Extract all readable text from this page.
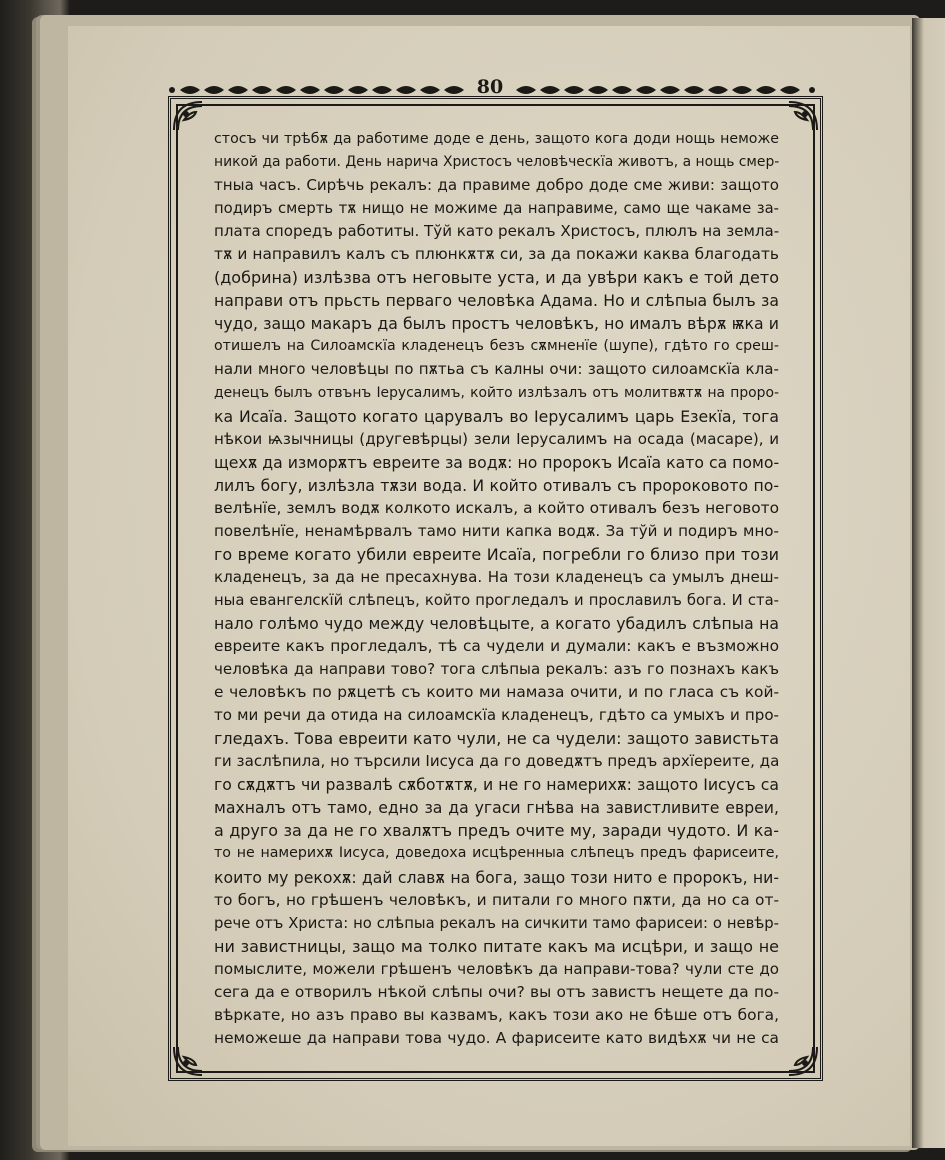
80
стосъ чи трѣбѫ да работиме доде е день, защото кога доди нощь неможе
никой да работи. День нарича Христосъ человѣческїа животъ, а нощь смер-
тныа часъ. Сирѣчь рекалъ: да правиме добро доде сме живи: защото
подиръ смерть тѫ нищо не можиме да направиме, само ще чакаме за-
плата споредъ работиты. Тўй като рекалъ Христосъ, плюлъ на земла-
тѫ и направилъ калъ съ плюнкѫтѫ си, за да покажи каква благодать
(добрина) излѣзва отъ неговыте уста, и да увѣри какъ е той дето
направи отъ прьсть первагo человѣка Адама. Но и слѣпыа былъ за
чудо, защо макаръ да былъ простъ человѣкъ, но ималъ вѣрѫ ѭка и
отишелъ на Силоамскїа кладенецъ безъ сѫмненїе (шупе), гдѣто го среш-
нали много человѣцы по пѫтьа съ калны очи: защото силоамскїа кла-
денецъ былъ отвънъ Iерусалимъ, който излѣзалъ отъ молитвѫтѫ на проро-
ка Исаїа. Защото когато царувалъ во Iерусалимъ царь Езекїа, тога
нѣкои ѩзычницы (другевѣрцы) зели Iерусалимъ на осада (масаре), и
щехѫ да изморѫтъ евреите за водѫ: но пророкъ Исаїа като са помо-
лилъ богу, излѣзла тѫзи вода. И който отивалъ съ пророковото по-
велѣнїе, землъ водѫ колкото искалъ, а който отивалъ безъ неговото
повелѣнїе, ненамѣрвалъ тамо нити капка водѫ. За тўй и подиръ мно-
го време когато убили евреите Исаїа, погребли го близо при този
кладенецъ, за да не пресахнува. На този кладенецъ са умылъ днеш-
ныа евангелскїй слѣпецъ, който прогледалъ и прославилъ бога. И ста-
нало голѣмо чудо между человѣцыте, а когато убадилъ слѣпыа на
евреите какъ прогледалъ, тѣ са чудели и думали: какъ е възможно
человѣка да направи тово? тога слѣпыа рекалъ: азъ го познахъ какъ
е человѣкъ по рѫцетѣ съ които ми намаза очити, и по гласа съ кой-
то ми речи да отида на силоамскїа кладенецъ, гдѣто са умыхъ и про-
гледахъ. Това евреити като чули, не са чудели: защото завистьта
ги заслѣпила, но търсили Iисуса да го доведѫтъ предъ архїереите, да
го сѫдѫтъ чи развалѣ сѫботѫтѫ, и не го намерихѫ: защото Iисусъ са
махналъ отъ тамо, едно за да угаси гнѣва на завистливите евреи,
а друго за да не го хвалѫтъ предъ очите му, заради чудото. И ка-
то не намерихѫ Iисуса, доведоха исцѣренныа слѣпецъ предъ фарисеите,
които му рекохѫ: дай славѫ на бога, защо този нито е пророкъ, ни-
то богъ, но грѣшенъ человѣкъ, и питали го много пѫти, да но са от-
рече отъ Христа: но слѣпыа рекалъ на сичкити тамо фарисеи: о невѣр-
ни завистницы, защо ма толко питате какъ ма исцѣри, и защо не
помыслите, можели грѣшенъ человѣкъ да направи-това? чули сте до
сега да е отворилъ нѣкой слѣпы очи? вы отъ завистъ нещете да по-
вѣркате, но азъ право вы казвамъ, какъ този ако не бѣше отъ бога,
неможеше да направи това чудо. А фарисеите като видѣхѫ чи не са
